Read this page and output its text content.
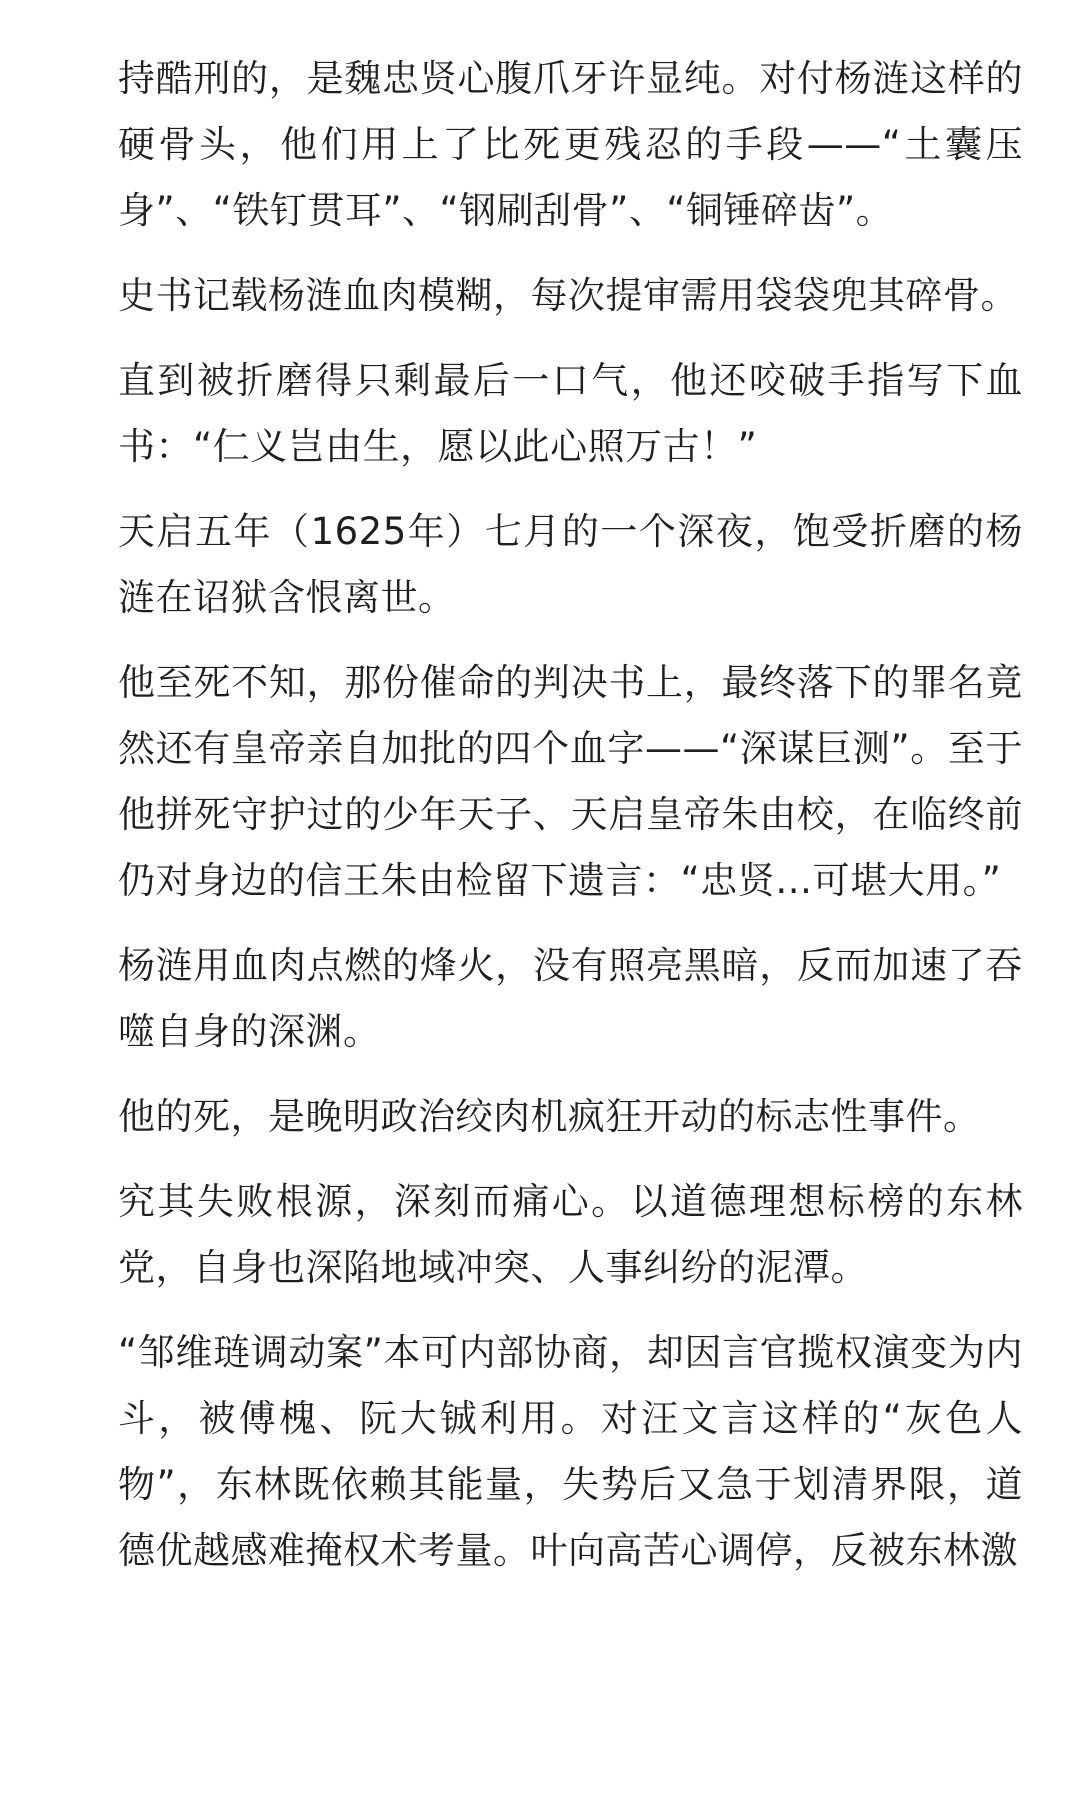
持酷刑的，是魏忠贤心腹爪牙许显纯。对付杨涟这样的硬骨头，他们用上了比死更残忍的手段——“土囊压身”、“铁钉贯耳”、“钢刷刮骨”、“铜锤碎齿”。

史书记载杨涟血肉模糊，每次提审需用袋袋兜其碎骨。

直到被折磨得只剩最后一口气，他还咬破手指写下血书：“仁义岂由生，愿以此心照万古！”

天启五年（1625年）七月的一个深夜，饱受折磨的杨涟在诏狱含恨离世。

他至死不知，那份催命的判决书上，最终落下的罪名竟然还有皇帝亲自加批的四个血字——“深谋巨测”。至于他拼死守护过的少年天子、天启皇帝朱由校，在临终前仍对身边的信王朱由检留下遗言：“忠贤…可堪大用。”

杨涟用血肉点燃的烽火，没有照亮黑暗，反而加速了吞噬自身的深渊。

他的死，是晚明政治绞肉机疯狂开动的标志性事件。

究其失败根源，深刻而痛心。以道德理想标榜的东林党，自身也深陷地域冲突、人事纠纷的泥潭。

“邹维琏调动案”本可内部协商，却因言官揽权演变为内斗，被傅槐、阮大铖利用。对汪文言这样的“灰色人物”，东林既依赖其能量，失势后又急于划清界限，道德优越感难掩权术考量。叶向高苦心调停，反被东林激
